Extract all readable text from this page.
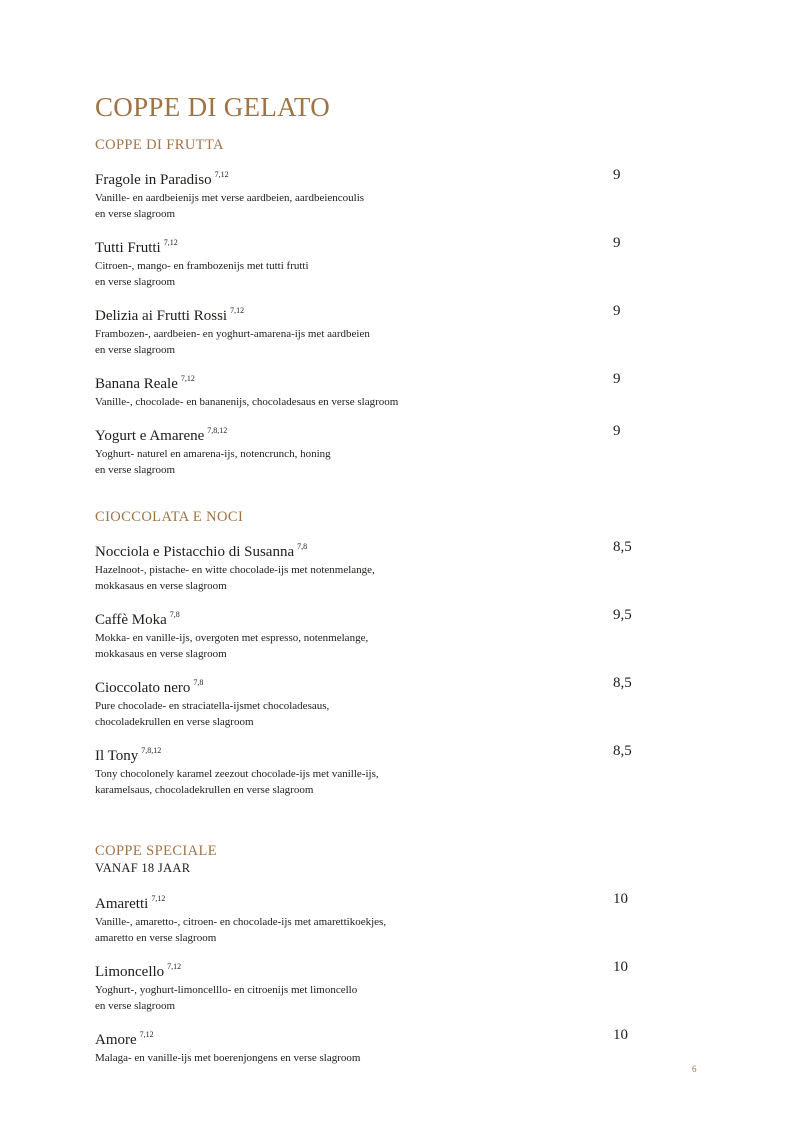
COPPE DI GELATO
COPPE DI FRUTTA
Fragole in Paradiso $^{7,12}$	9
Vanille- en aardbeienijs met verse aardbeien, aardbeiencoulis
en verse slagroom
Tutti Frutti $^{7,12}$	9
Citroen-, mango- en frambozenijs met tutti frutti
en verse slagroom
Delizia ai Frutti Rossi $^{7,12}$	9
Frambozen-, aardbeien- en yoghurt-amarena-ijs met aardbeien
en verse slagroom
Banana Reale $^{7,12}$	9
Vanille-, chocolade- en bananenijs, chocoladesaus en verse slagroom
Yogurt e Amarene $^{7,8,12}$	9
Yoghurt- naturel en amarena-ijs, notencrunch, honing
en verse slagroom
CIOCCOLATA E NOCI
Nocciola e Pistacchio di Susanna $^{7,8}$	8,5
Hazelnoot-, pistache- en witte chocolade-ijs met notenmelange,
mokkasaus en verse slagroom
Caffè Moka $^{7,8}$	9,5
Mokka- en vanille-ijs, overgoten met espresso, notenmelange,
mokkasaus en verse slagroom
Cioccolato nero $^{7,8}$	8,5
Pure chocolade- en straciatella-ijsmet chocoladesaus,
chocoladekrullen en verse slagroom
Il Tony $^{7,8,12}$	8,5
Tony chocolonely karamel zeezout chocolade-ijs met vanille-ijs,
karamelsaus, chocoladekrullen en verse slagroom
COPPE SPECIALE
VANAF 18 JAAR
Amaretti $^{7,12}$	10
Vanille-, amaretto-, citroen- en chocolade-ijs met amarettikoekjes,
amaretto en verse slagroom
Limoncello $^{7,12}$	10
Yoghurt-, yoghurt-limoncelllo- en citroenijs met limoncello
en verse slagroom
Amore $^{7,12}$	10
Malaga- en vanille-ijs met boerenjongens en verse slagroom
6
